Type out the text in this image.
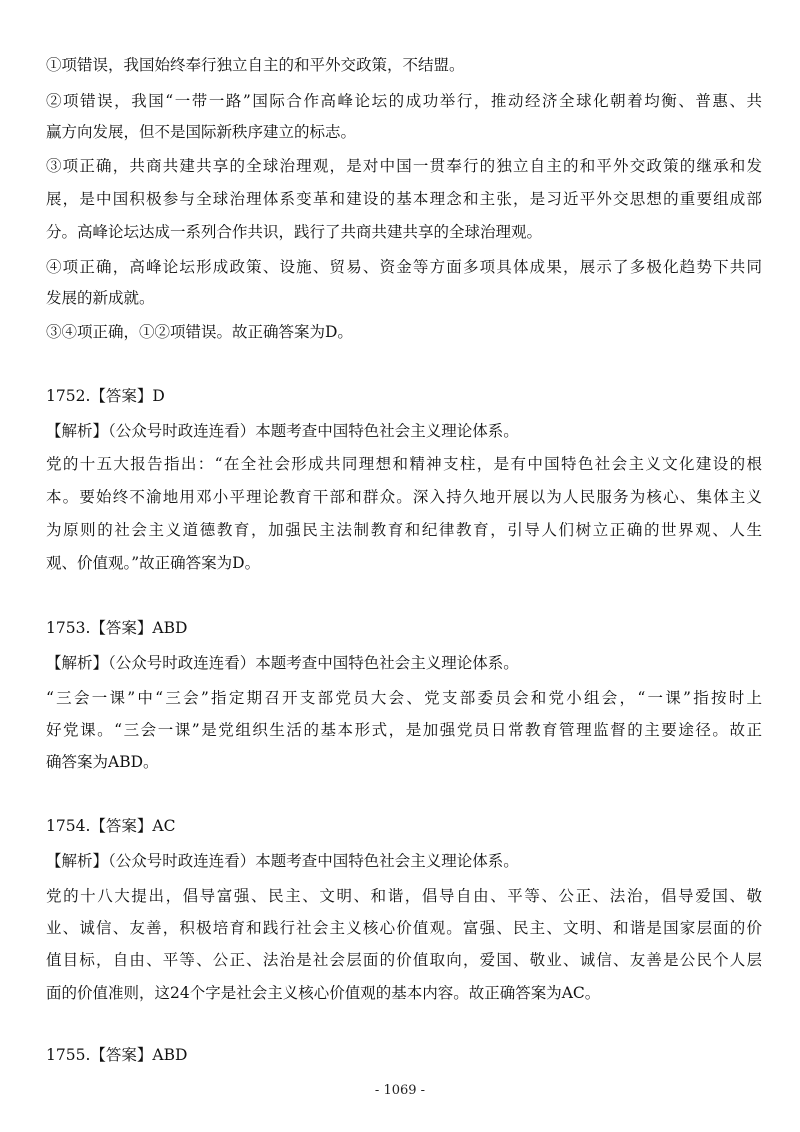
①项错误，我国始终奉行独立自主的和平外交政策，不结盟。
②项错误，我国“一带一路”国际合作高峰论坛的成功举行，推动经济全球化朝着均衡、普惠、共
赢方向发展，但不是国际新秩序建立的标志。
③项正确，共商共建共享的全球治理观，是对中国一贯奉行的独立自主的和平外交政策的继承和发
展，是中国积极参与全球治理体系变革和建设的基本理念和主张，是习近平外交思想的重要组成部
分。高峰论坛达成一系列合作共识，践行了共商共建共享的全球治理观。
④项正确，高峰论坛形成政策、设施、贸易、资金等方面多项具体成果，展示了多极化趋势下共同
发展的新成就。
③④项正确，①②项错误。故正确答案为D。
1752.【答案】D
【解析】（公众号时政连连看）本题考查中国特色社会主义理论体系。
党的十五大报告指出：“在全社会形成共同理想和精神支柱，是有中国特色社会主义文化建设的根
本。要始终不渝地用邓小平理论教育干部和群众。深入持久地开展以为人民服务为核心、集体主义
为原则的社会主义道德教育，加强民主法制教育和纪律教育，引导人们树立正确的世界观、人生
观、价值观。”故正确答案为D。
1753.【答案】ABD
【解析】（公众号时政连连看）本题考查中国特色社会主义理论体系。
“三会一课”中“三会”指定期召开支部党员大会、党支部委员会和党小组会，“一课”指按时上
好党课。“三会一课”是党组织生活的基本形式，是加强党员日常教育管理监督的主要途径。故正
确答案为ABD。
1754.【答案】AC
【解析】（公众号时政连连看）本题考查中国特色社会主义理论体系。
党的十八大提出，倡导富强、民主、文明、和谐，倡导自由、平等、公正、法治，倡导爱国、敬
业、诚信、友善，积极培育和践行社会主义核心价值观。富强、民主、文明、和谐是国家层面的价
值目标，自由、平等、公正、法治是社会层面的价值取向，爱国、敬业、诚信、友善是公民个人层
面的价值准则，这24个字是社会主义核心价值观的基本内容。故正确答案为AC。
1755.【答案】ABD
- 1069 -
